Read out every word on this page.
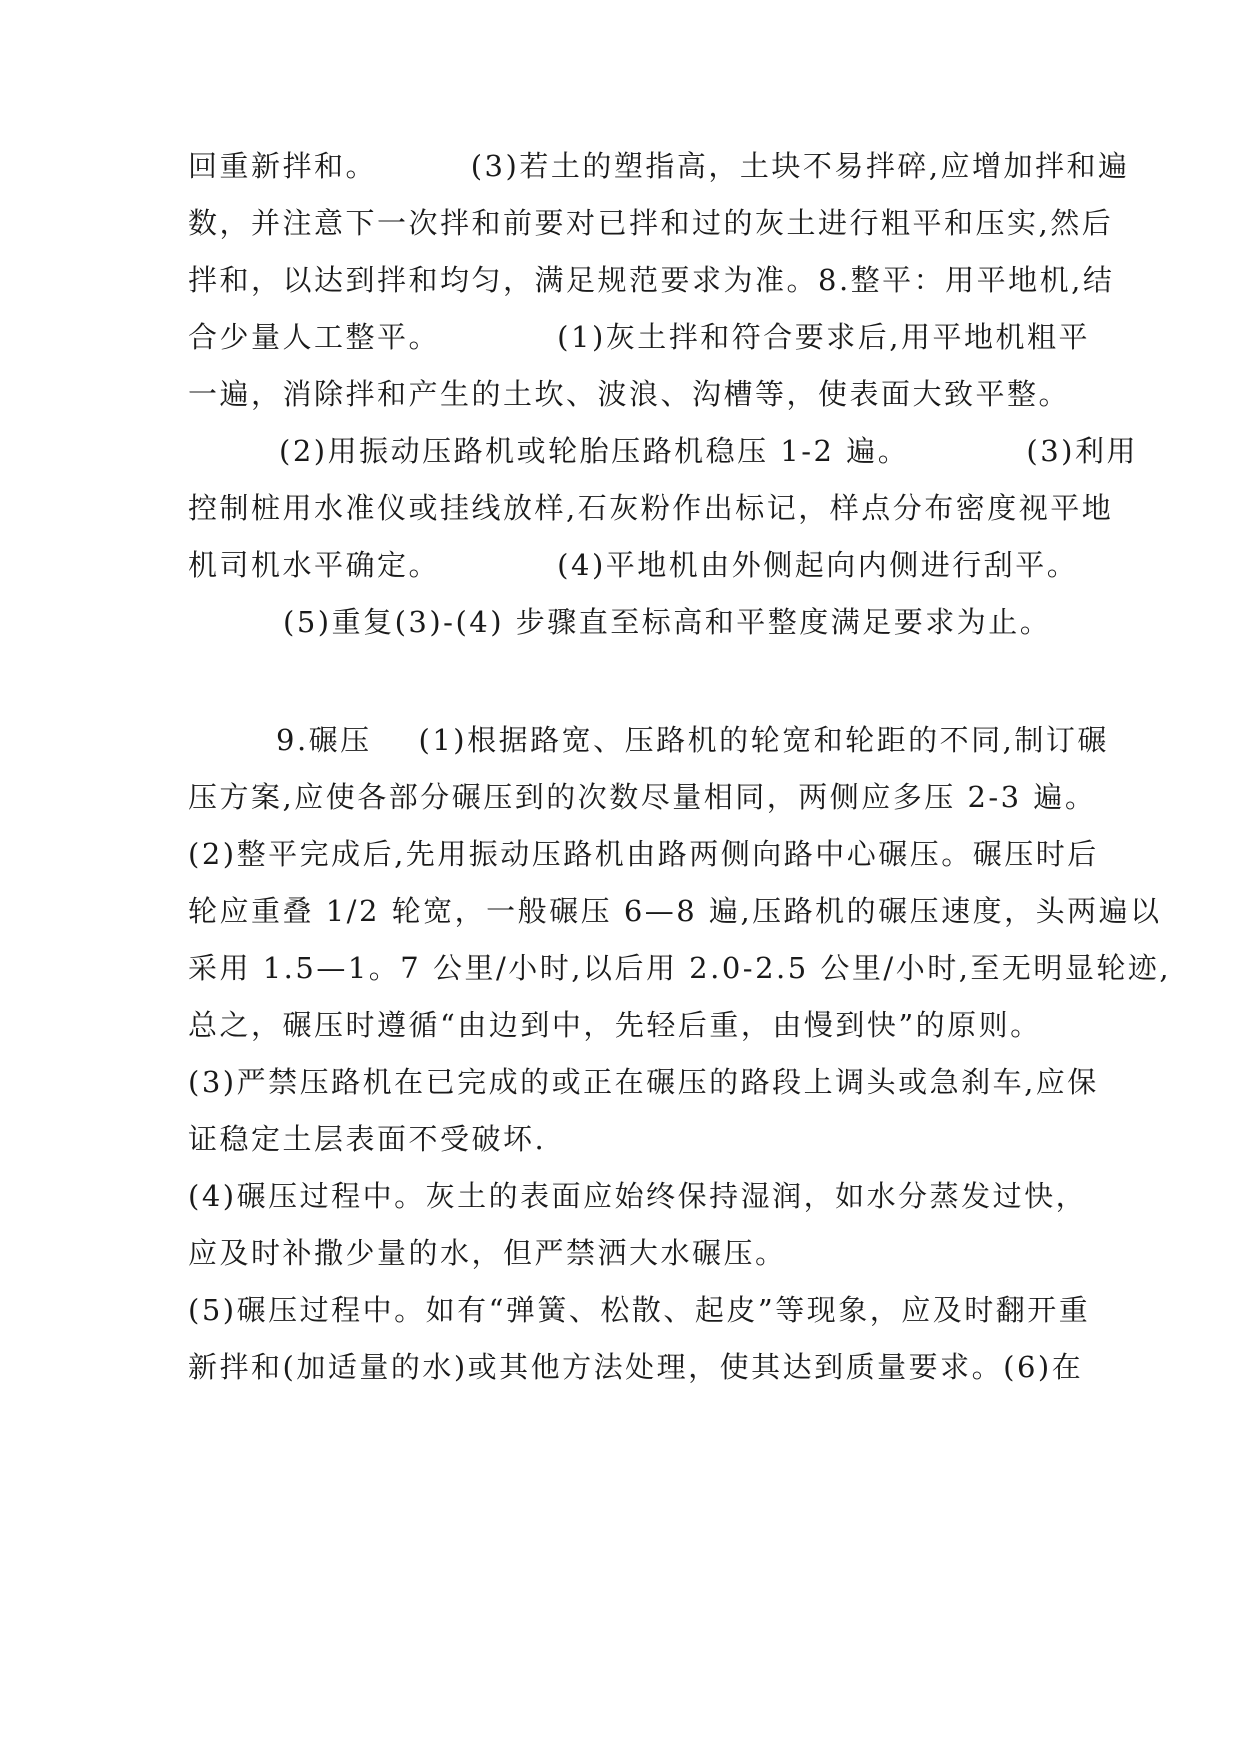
回重新拌和。        (3)若土的塑指高，土块不易拌碎,应增加拌和遍
数，并注意下一次拌和前要对已拌和过的灰土进行粗平和压实,然后
拌和，以达到拌和均匀，满足规范要求为准。8.整平：用平地机,结
合少量人工整平。          (1)灰土拌和符合要求后,用平地机粗平
一遍，消除拌和产生的土坎、波浪、沟槽等，使表面大致平整。
(2)用振动压路机或轮胎压路机稳压 1-2 遍。          (3)利用
控制桩用水准仪或挂线放样,石灰粉作出标记，样点分布密度视平地
机司机水平确定。          (4)平地机由外侧起向内侧进行刮平。
(5)重复(3)-(4) 步骤直至标高和平整度满足要求为止。
9.碾压    (1)根据路宽、压路机的轮宽和轮距的不同,制订碾
压方案,应使各部分碾压到的次数尽量相同，两侧应多压 2-3 遍。
(2)整平完成后,先用振动压路机由路两侧向路中心碾压。碾压时后
轮应重叠 1/2 轮宽，一般碾压 6—8 遍,压路机的碾压速度，头两遍以
采用 1.5—1。7 公里/小时,以后用 2.0-2.5 公里/小时,至无明显轮迹,
总之，碾压时遵循“由边到中，先轻后重，由慢到快”的原则。
(3)严禁压路机在已完成的或正在碾压的路段上调头或急刹车,应保
证稳定土层表面不受破坏.
(4)碾压过程中。灰土的表面应始终保持湿润，如水分蒸发过快，
应及时补撒少量的水，但严禁洒大水碾压。
(5)碾压过程中。如有“弹簧、松散、起皮”等现象，应及时翻开重
新拌和(加适量的水)或其他方法处理，使其达到质量要求。(6)在
